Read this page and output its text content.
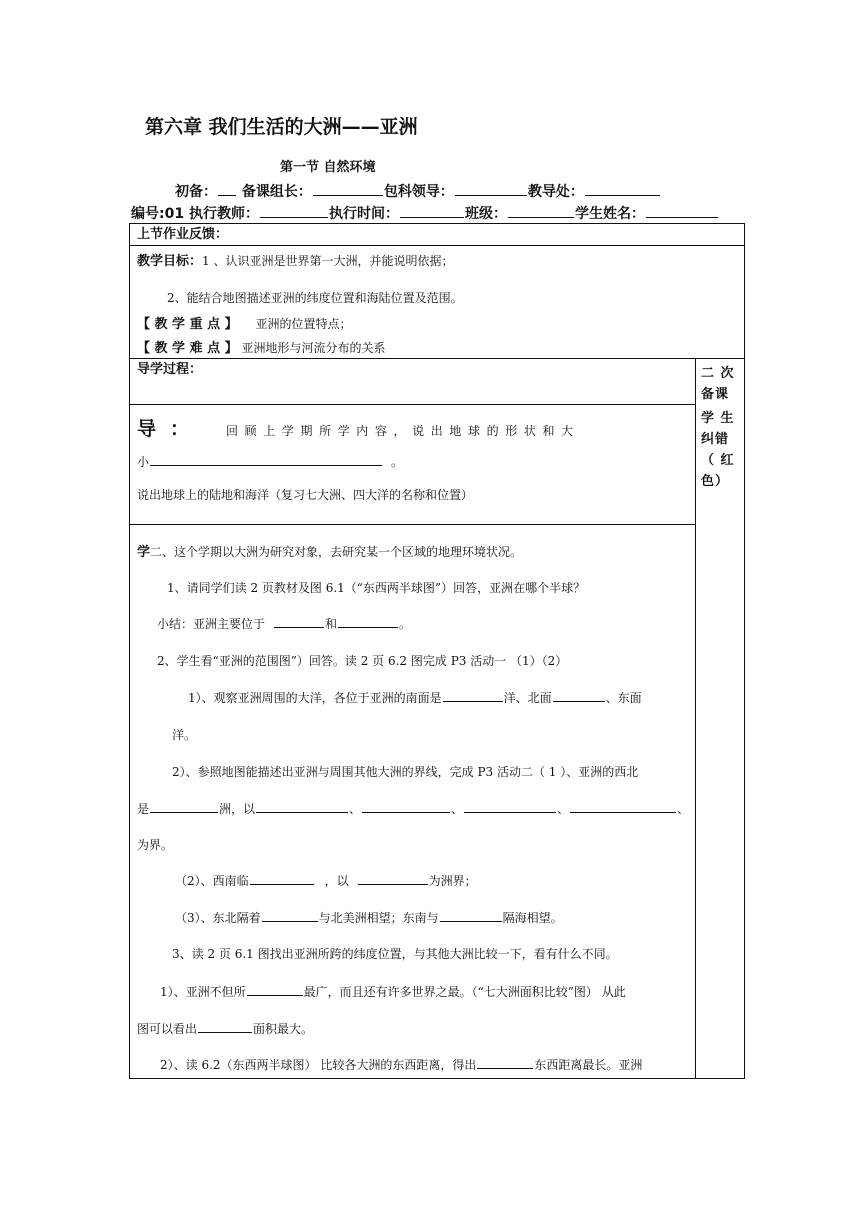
第六章 我们生活的大洲——亚洲
第一节 自然环境
初备： 备课组长：	包科领导：	教导处：
编号:01 执行教师：	执行时间：	班级：	学生姓名：
上节作业反馈：
教学目标：1 、认识亚洲是世界第一大洲，并能说明依据；
2、能结合地图描述亚洲的纬度位置和海陆位置及范围。
【 教 学 重 点 】 亚洲的位置特点；
【 教 学 难 点 】 亚洲地形与河流分布的关系
导学过程：	二 次 备课
学 生 纠错 （ 红 色）
导 ：	回 顾 上 学 期 所 学 内 容 ， 说 出 地 球 的 形 状 和 大
小	。
说出地球上的陆地和海洋（复习七大洲、四大洋的名称和位置）
学二、这个学期以大洲为研究对象，去研究某一个区域的地理环境状况。
1、请同学们读 2 页教材及图 6.1（“东西两半球图”）回答，亚洲在哪个半球？
小结：亚洲主要位于	和	。
2、学生看“亚洲的范围图”）回答。读 2 页 6.2 图完成 P3 活动一 （1）（2）
1）、观察亚洲周围的大洋，各位于亚洲的南面是	洋、北面	、东面
洋。
2）、参照地图能描述出亚洲与周围其他大洲的界线，完成 P3 活动二（ 1 ）、亚洲的西北
是	洲，以	、	、	、	、
为界。
（2）、西南临	，以	为洲界；
（3）、东北隔着	与北美洲相望；东南与	隔海相望。
3、读 2 页 6.1 图找出亚洲所跨的纬度位置，与其他大洲比较一下，看有什么不同。
1）、亚洲不但所	最广，而且还有许多世界之最。（“七大洲面积比较”图） 从此
图可以看出	面积最大。
2）、读 6.2（东西两半球图） 比较各大洲的东西距离，得出	东西距离最长。亚洲
